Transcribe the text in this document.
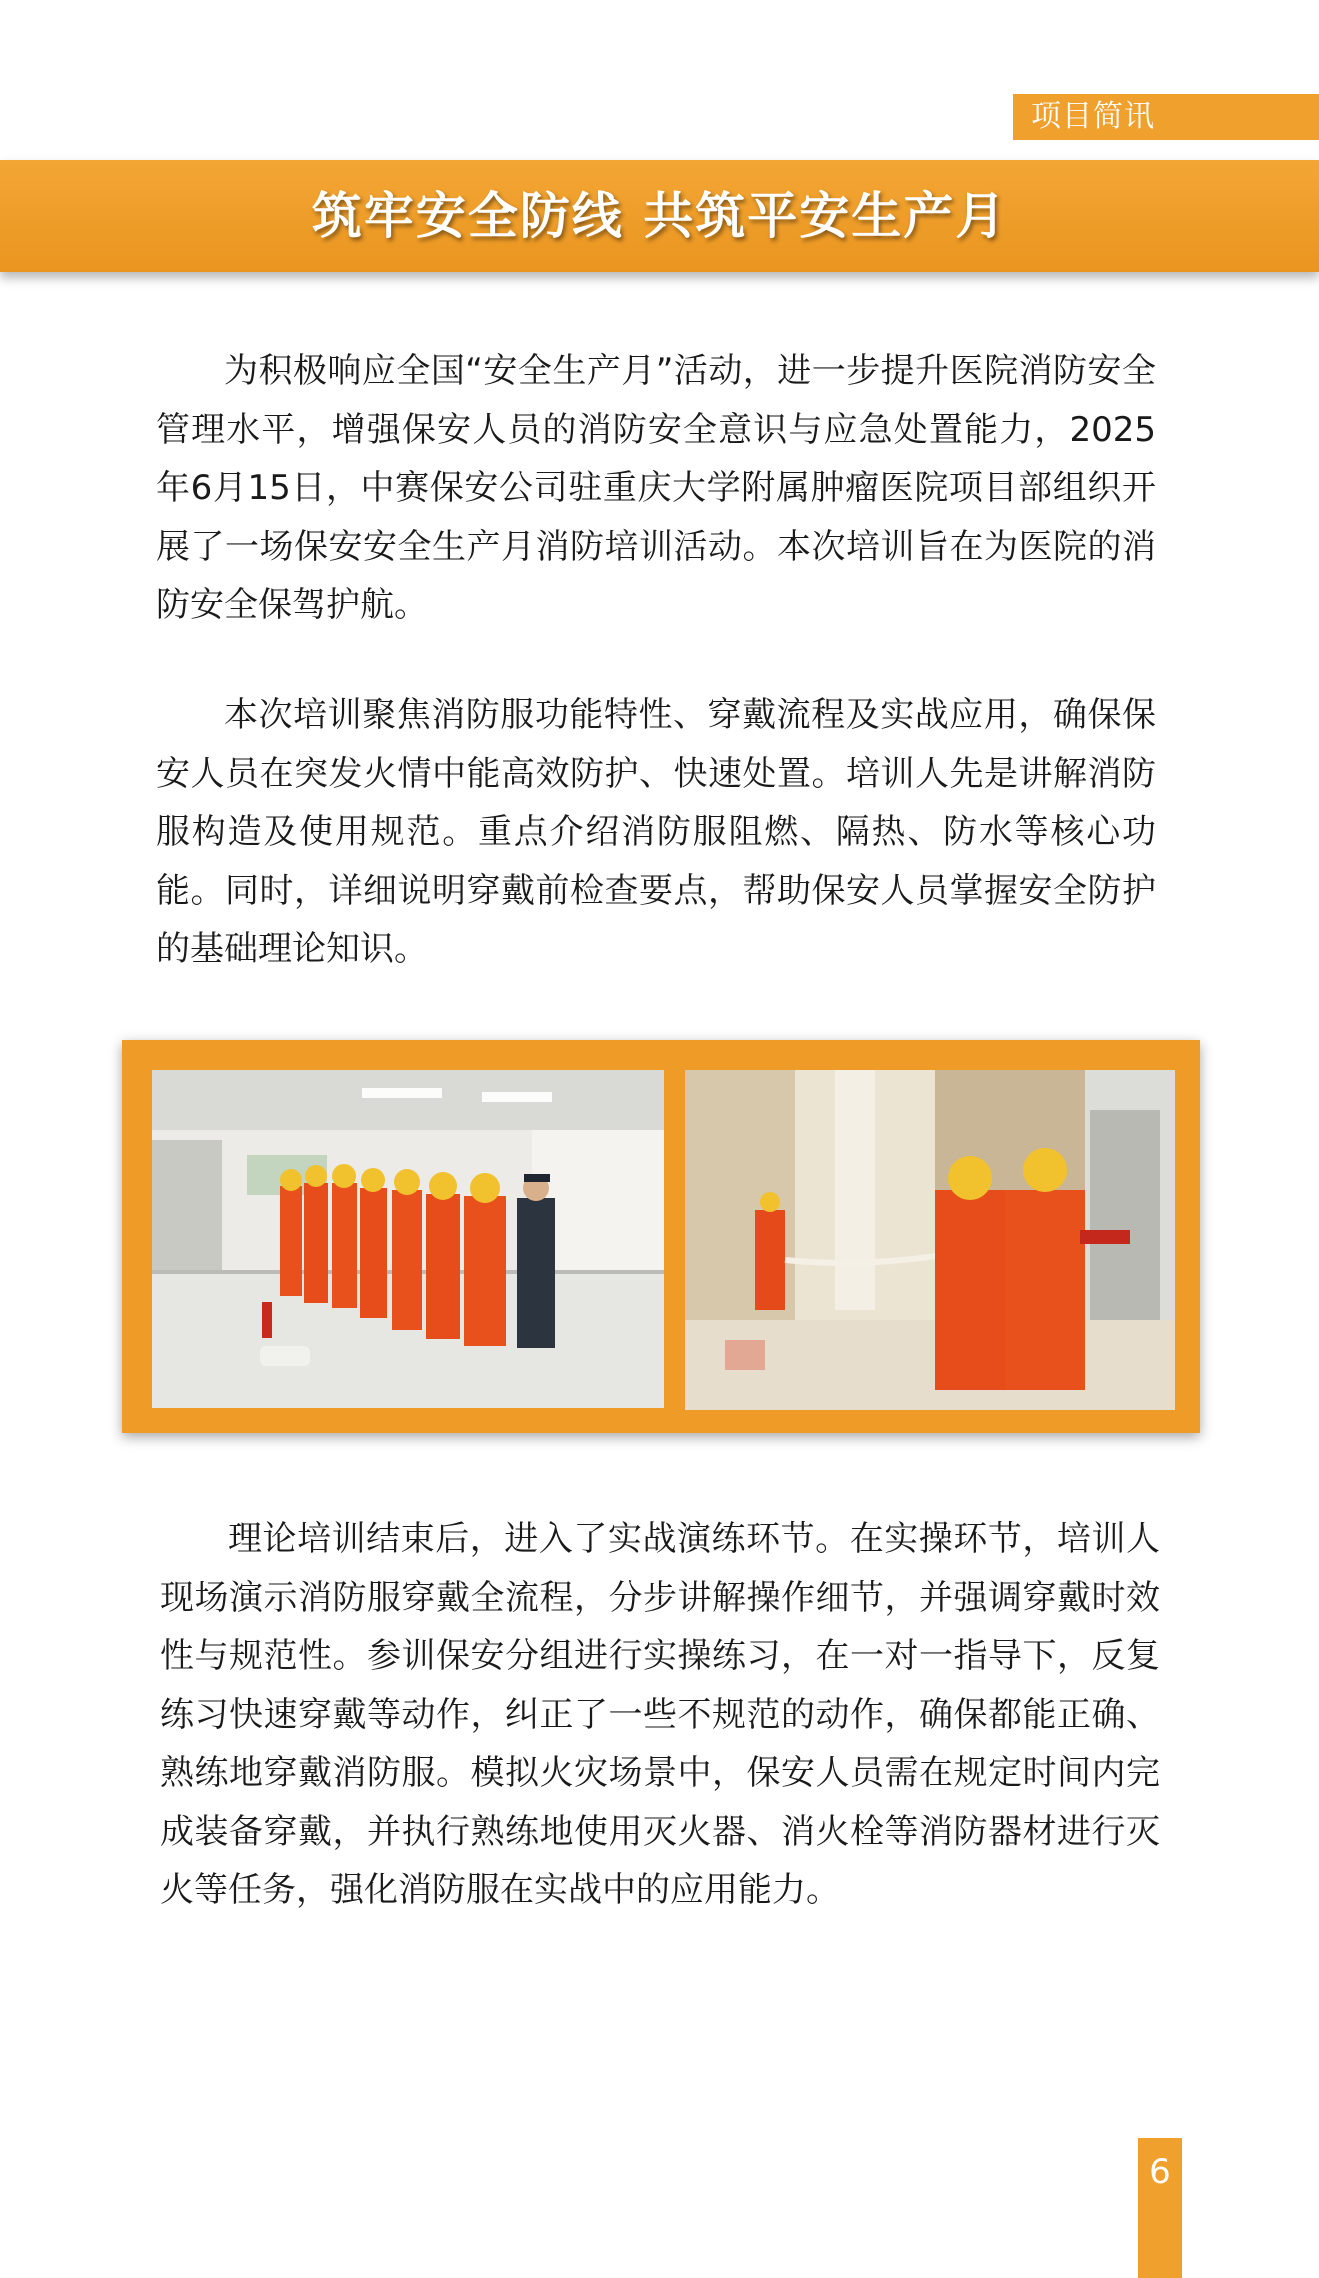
项目简讯
筑牢安全防线 共筑平安生产月

为积极响应全国“安全生产月”活动，进一步提升医院消防安全管理水平，增强保安人员的消防安全意识与应急处置能力，2025年6月15日，中赛保安公司驻重庆大学附属肿瘤医院项目部组织开展了一场保安安全生产月消防培训活动。本次培训旨在为医院的消防安全保驾护航。

本次培训聚焦消防服功能特性、穿戴流程及实战应用，确保保安人员在突发火情中能高效防护、快速处置。培训人先是讲解消防服构造及使用规范。重点介绍消防服阻燃、隔热、防水等核心功能。同时，详细说明穿戴前检查要点，帮助保安人员掌握安全防护的基础理论知识。

理论培训结束后，进入了实战演练环节。在实操环节，培训人现场演示消防服穿戴全流程，分步讲解操作细节，并强调穿戴时效性与规范性。参训保安分组进行实操练习，在一对一指导下，反复练习快速穿戴等动作，纠正了一些不规范的动作，确保都能正确、熟练地穿戴消防服。模拟火灾场景中，保安人员需在规定时间内完成装备穿戴，并执行熟练地使用灭火器、消火栓等消防器材进行灭火等任务，强化消防服在实战中的应用能力。

6
